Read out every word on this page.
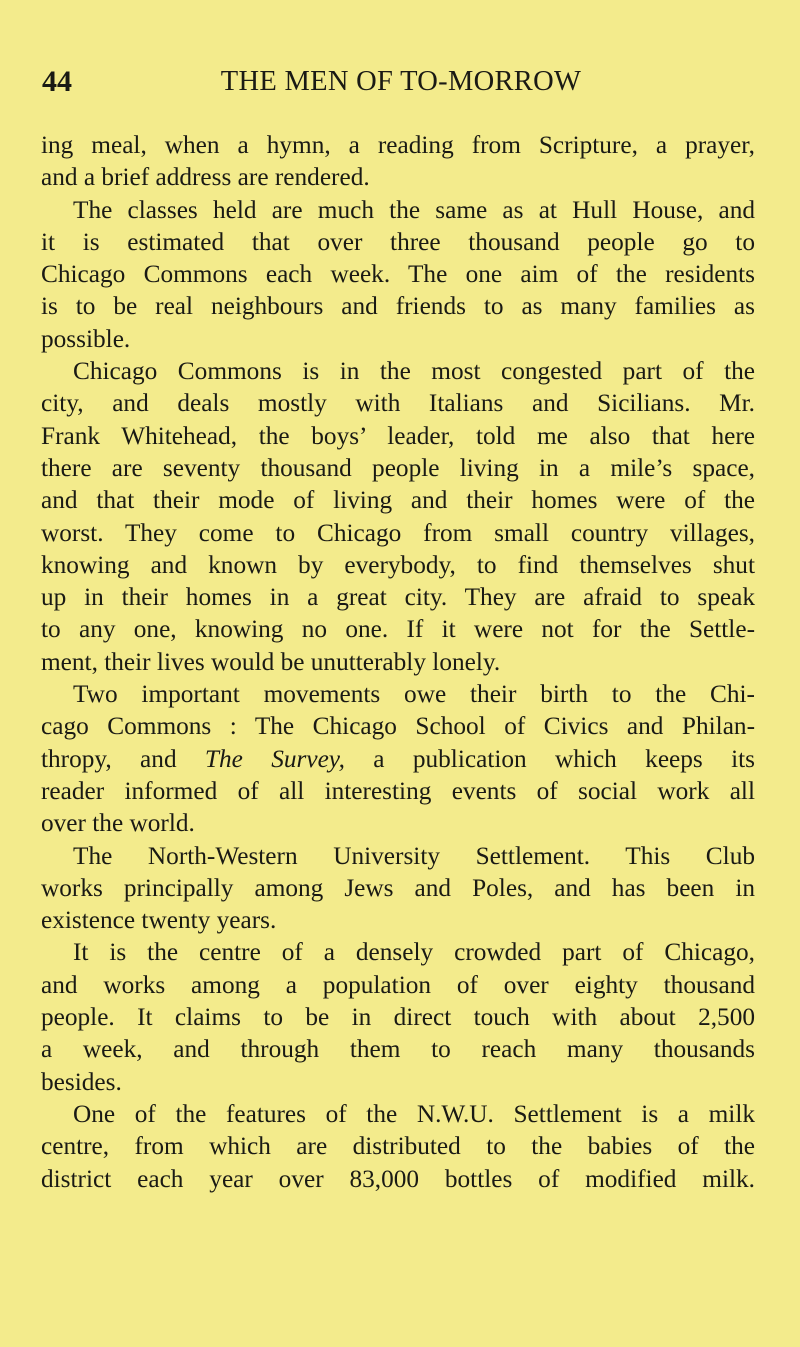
44	THE MEN OF TO-MORROW
ing meal, when a hymn, a reading from Scripture, a prayer,
and a brief address are rendered.
The classes held are much the same as at Hull House, and
it is estimated that over three thousand people go to
Chicago Commons each week. The one aim of the residents
is to be real neighbours and friends to as many families as
possible.
Chicago Commons is in the most congested part of the
city, and deals mostly with Italians and Sicilians. Mr.
Frank Whitehead, the boys’ leader, told me also that here
there are seventy thousand people living in a mile’s space,
and that their mode of living and their homes were of the
worst. They come to Chicago from small country villages,
knowing and known by everybody, to find themselves shut
up in their homes in a great city. They are afraid to speak
to any one, knowing no one. If it were not for the Settle-
ment, their lives would be unutterably lonely.
Two important movements owe their birth to the Chi-
cago Commons : The Chicago School of Civics and Philan-
thropy, and The Survey, a publication which keeps its
reader informed of all interesting events of social work all
over the world.
The North-Western University Settlement. This Club
works principally among Jews and Poles, and has been in
existence twenty years.
It is the centre of a densely crowded part of Chicago,
and works among a population of over eighty thousand
people. It claims to be in direct touch with about 2,500
a week, and through them to reach many thousands
besides.
One of the features of the N.W.U. Settlement is a milk
centre, from which are distributed to the babies of the
district each year over 83,000 bottles of modified milk.
